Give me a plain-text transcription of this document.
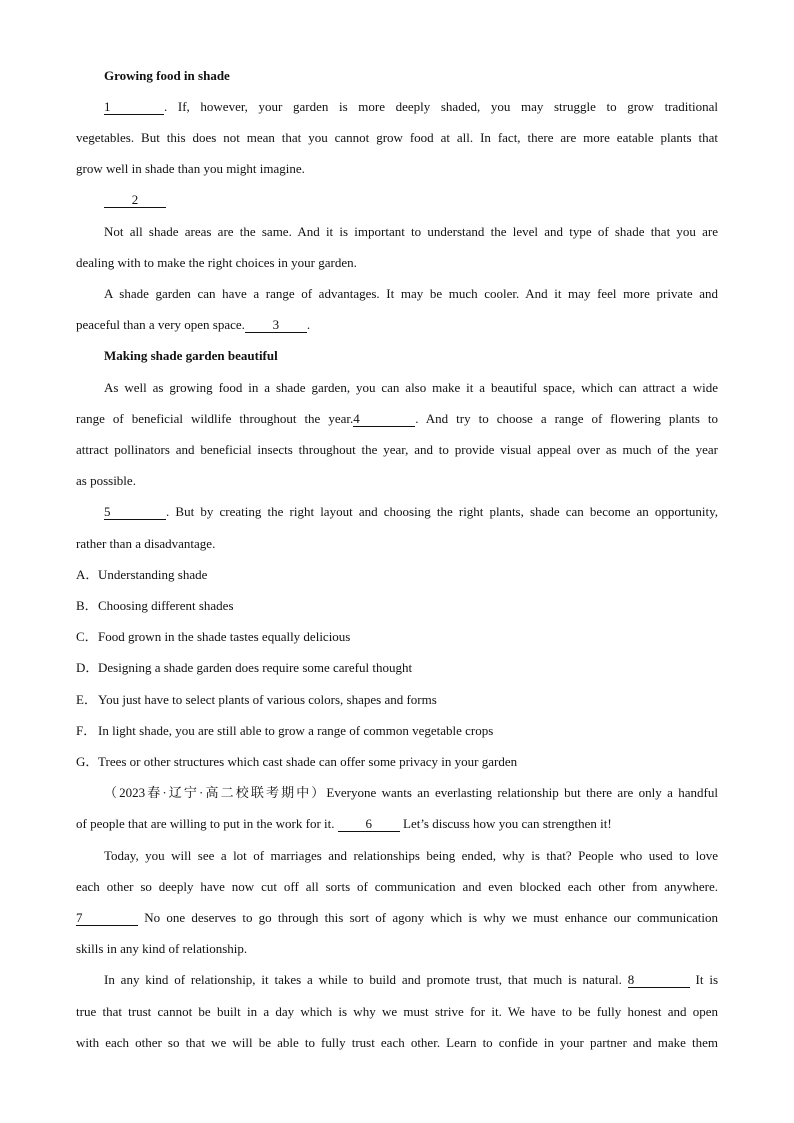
Growing food in shade
1	. If, however, your garden is more deeply shaded, you may struggle to grow traditional
vegetables. But this does not mean that you cannot grow food at all. In fact, there are more eatable plants that
grow well in shade than you might imagine.
2
Not all shade areas are the same. And it is important to understand the level and type of shade that you are
dealing with to make the right choices in your garden.
A shade garden can have a range of advantages. It may be much cooler. And it may feel more private and
peaceful than a very open space. 3 .
Making shade garden beautiful
As well as growing food in a shade garden, you can also make it a beautiful space, which can attract a wide
range of beneficial wildlife throughout the year.4	. And try to choose a range of flowering plants to
attract pollinators and beneficial insects throughout the year, and to provide visual appeal over as much of the year
as possible.
5	. But by creating the right layout and choosing the right plants, shade can become an opportunity,
rather than a disadvantage.
A．Understanding shade
B．Choosing different shades
C．Food grown in the shade tastes equally delicious
D．Designing a shade garden does require some careful thought
E．You just have to select plants of various colors, shapes and forms
F． In light shade, you are still able to grow a range of common vegetable crops
G．Trees or other structures which cast shade can offer some privacy in your garden
（2023春·辽宁·高二校联考期中）Everyone wants an everlasting relationship but there are only a handful
of people that are willing to put in the work for it. 6 Let’s discuss how you can strengthen it!
Today, you will see a lot of marriages and relationships being ended, why is that? People who used to love
each other so deeply have now cut off all sorts of communication and even blocked each other from anywhere.
7	No one deserves to go through this sort of agony which is why we must enhance our communication
skills in any kind of relationship.
In any kind of relationship, it takes a while to build and promote trust, that much is natural. 8	It is
true that trust cannot be built in a day which is why we must strive for it. We have to be fully honest and open
with each other so that we will be able to fully trust each other. Learn to confide in your partner and make them
